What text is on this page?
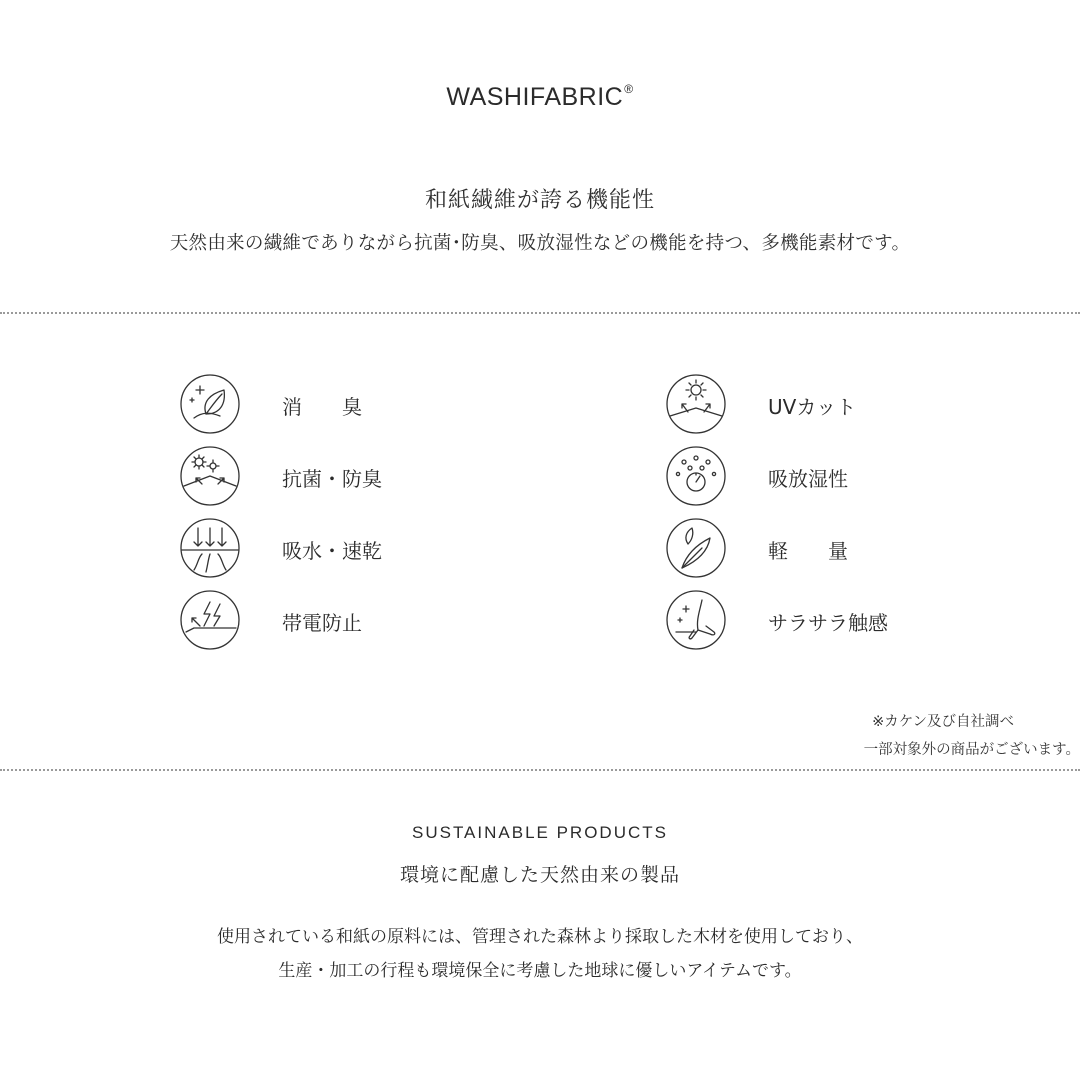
WASHIFABRIC®
和紙繊維が誇る機能性
天然由来の繊維でありながら抗菌･防臭、吸放湿性などの機能を持つ、多機能素材です。
消　　臭
抗菌・防臭
吸水・速乾
帯電防止
UVカット
吸放湿性
軽　　量
サラサラ触感
※カケン及び自社調べ
一部対象外の商品がございます。
SUSTAINABLE PRODUCTS
環境に配慮した天然由来の製品
使用されている和紙の原料には、管理された森林より採取した木材を使用しており、
生産・加工の行程も環境保全に考慮した地球に優しいアイテムです。
